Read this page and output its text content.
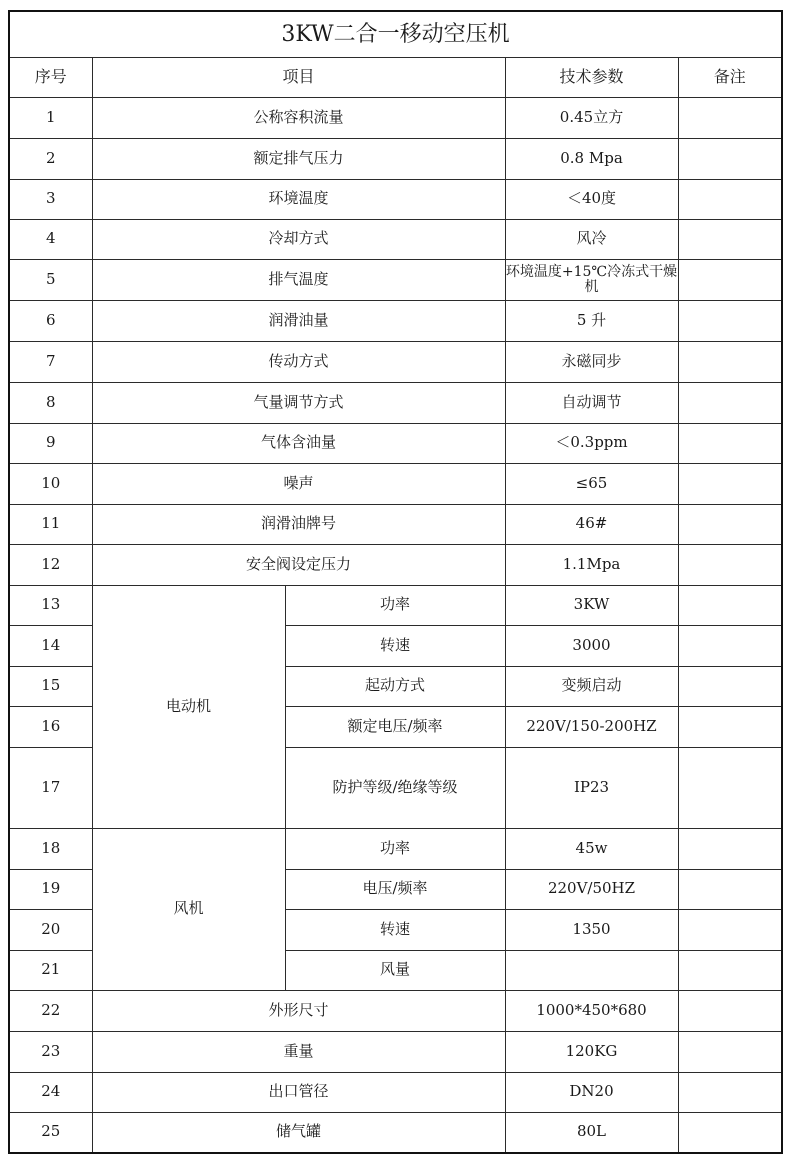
3KW二合一移动空压机				
序号	项目		技术参数	备注
1	公称容积流量		0.45立方	
2	额定排气压力		0.8 Mpa	
3	环境温度		＜40度	
4	冷却方式		风冷	
5	排气温度		环境温度+15℃冷冻式干燥机	
6	润滑油量		5 升	
7	传动方式		永磁同步	
8	气量调节方式		自动调节	
9	气体含油量		＜0.3ppm	
10	噪声		≤65	
11	润滑油牌号		46#	
12	安全阀设定压力		1.1Mpa	
13	电动机	功率	3KW	
14		转速	3000	
15		起动方式	变频启动	
16		额定电压/频率	220V/150-200HZ	
17		防护等级/绝缘等级	IP23	
18	风机	功率	45w	
19		电压/频率	220V/50HZ	
20		转速	1350	
21		风量		
22	外形尺寸		1000*450*680	
23	重量		120KG	
24	出口管径		DN20	
25	储气罐		80L	
